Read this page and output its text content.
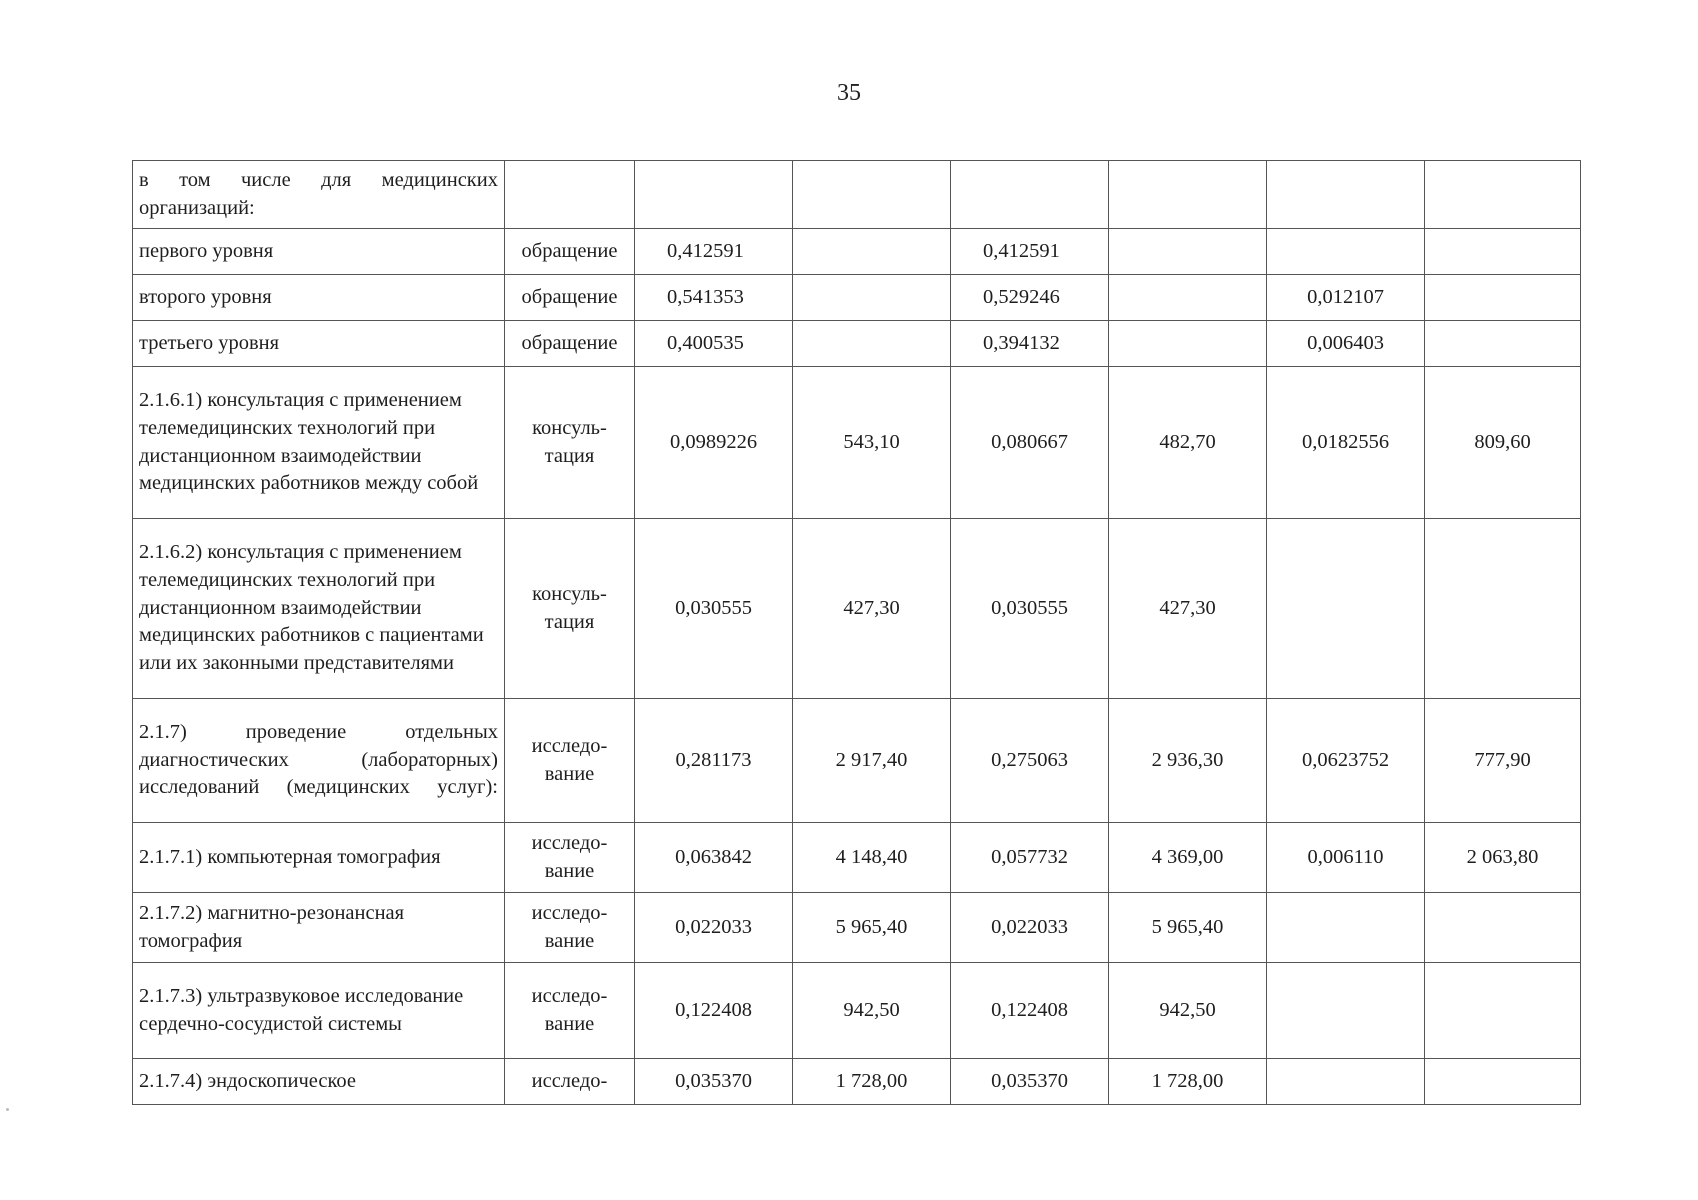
35
в том числе для медицинских организаций:							
первого уровня	обращение	0,412591		0,412591			
второго уровня	обращение	0,541353		0,529246		0,012107	
третьего уровня	обращение	0,400535		0,394132		0,006403	
2.1.6.1) консультация с применением телемедицинских технологий при дистанционном взаимодействии медицинских работников между собой	консуль-тация	0,0989226	543,10	0,080667	482,70	0,0182556	809,60
2.1.6.2) консультация с применением телемедицинских технологий при дистанционном взаимодействии медицинских работников с пациентами или их законными представителями	консуль-тация	0,030555	427,30	0,030555	427,30		
2.1.7) проведение отдельных диагностических (лабораторных) исследований (медицинских услуг):	исследо-вание	0,281173	2 917,40	0,275063	2 936,30	0,0623752	777,90
2.1.7.1) компьютерная томография	исследо-вание	0,063842	4 148,40	0,057732	4 369,00	0,006110	2 063,80
2.1.7.2) магнитно-резонансная томография	исследо-вание	0,022033	5 965,40	0,022033	5 965,40		
2.1.7.3) ультразвуковое исследование сердечно-сосудистой системы	исследо-вание	0,122408	942,50	0,122408	942,50		
2.1.7.4) эндоскопическое	исследо-	0,035370	1 728,00	0,035370	1 728,00		
